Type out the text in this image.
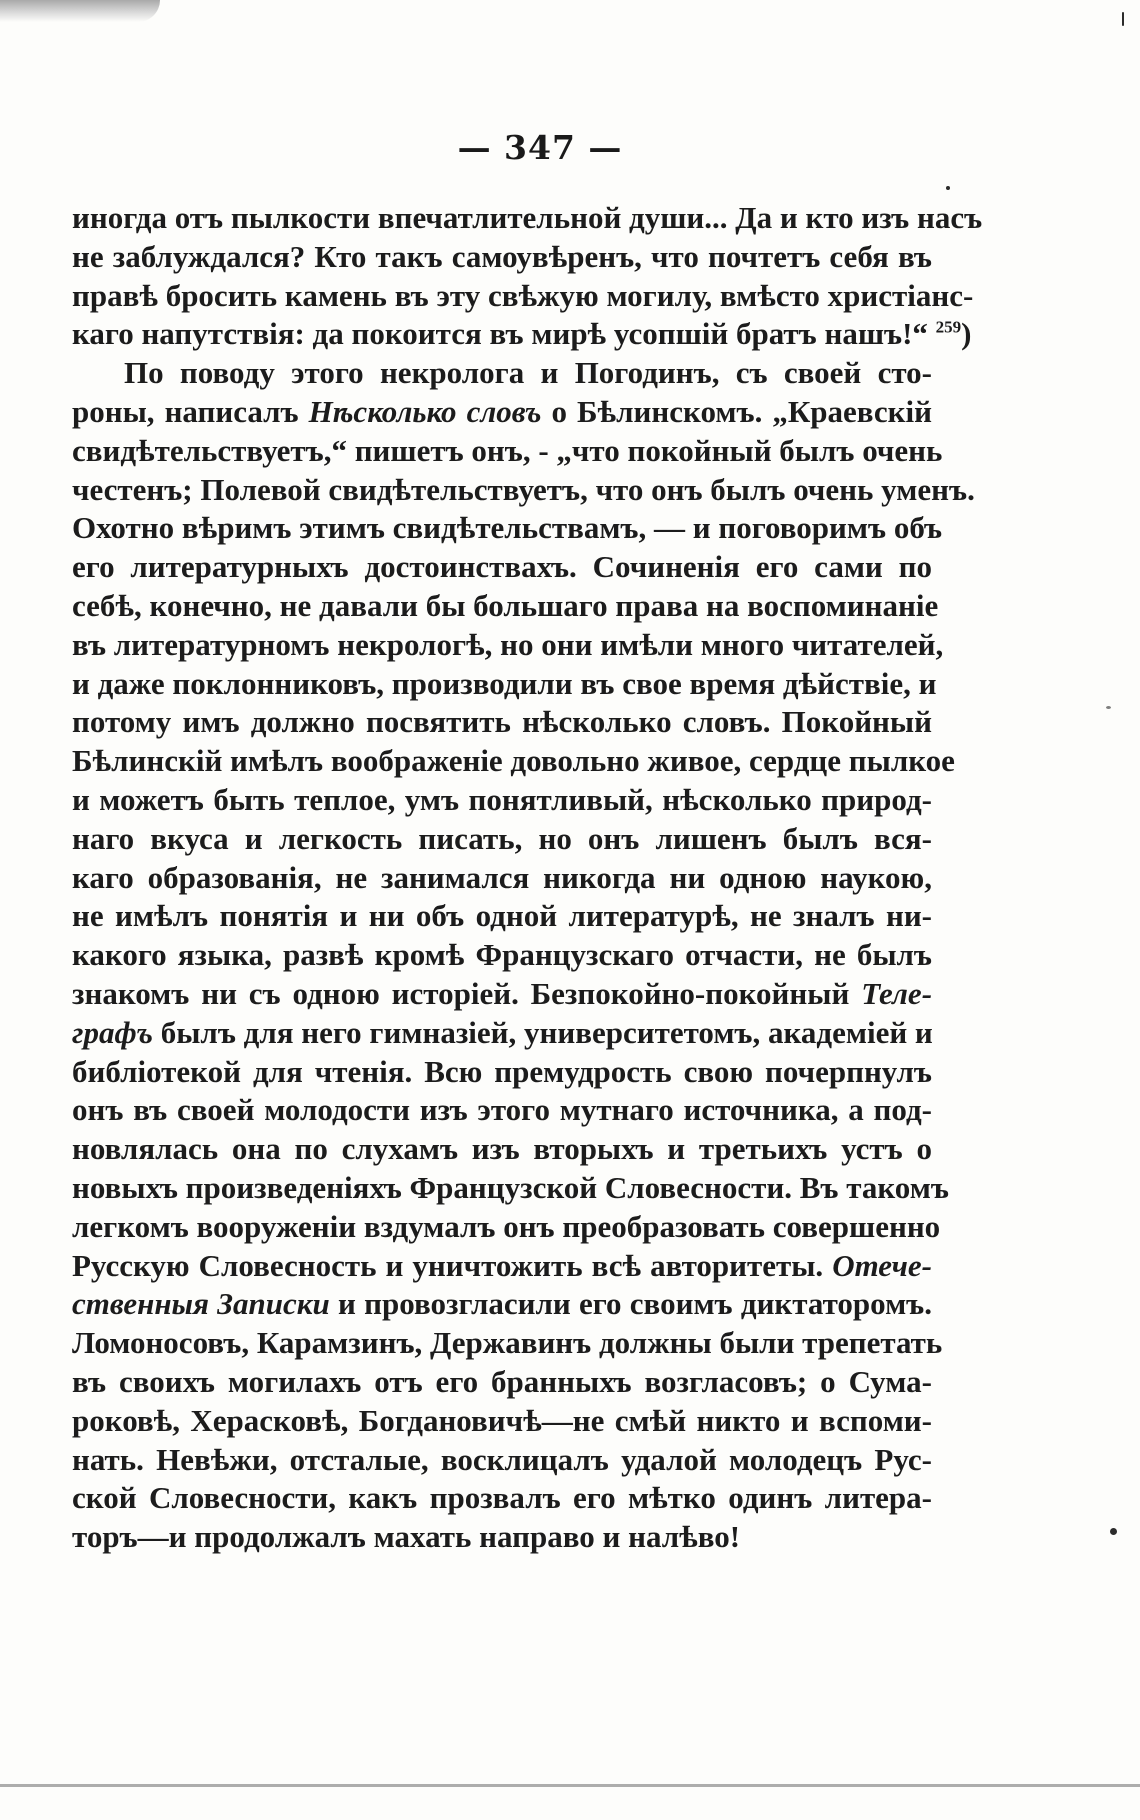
— 347 —
иногда отъ пылкости впечатлительной души... Да и кто изъ насъ
не заблуждался? Кто такъ самоувѣренъ, что почтетъ себя въ
правѣ бросить камень въ эту свѣжую могилу, вмѣсто христіанс-
каго напутствія: да покоится въ мирѣ усопшій братъ нашъ!“ $^{259}$)
По поводу этого некролога и Погодинъ, съ своей сто-
роны, написалъ Нѣсколько словъ о Бѣлинскомъ. „Краевскій
свидѣтельствуетъ,“ пишетъ онъ, - „что покойный былъ очень
честенъ; Полевой свидѣтельствуетъ, что онъ былъ очень уменъ.
Охотно вѣримъ этимъ свидѣтельствамъ, — и поговоримъ объ
его литературныхъ достоинствахъ. Сочиненія его сами по
себѣ, конечно, не давали бы большаго права на воспоминаніе
въ литературномъ некрологѣ, но они имѣли много читателей,
и даже поклонниковъ, производили въ свое время дѣйствіе, и
потому имъ должно посвятить нѣсколько словъ. Покойный
Бѣлинскій имѣлъ воображеніе довольно живое, сердце пылкое
и можетъ быть теплое, умъ понятливый, нѣсколько природ-
наго вкуса и легкость писать, но онъ лишенъ былъ вся-
каго образованія, не занимался никогда ни одною наукою,
не имѣлъ понятія и ни объ одной литературѣ, не зналъ ни-
какого языка, развѣ кромѣ Французскаго отчасти, не былъ
знакомъ ни съ одною исторіей. Безпокойно-покойный Теле-
графъ былъ для него гимназіей, университетомъ, академіей и
библіотекой для чтенія. Всю премудрость свою почерпнулъ
онъ въ своей молодости изъ этого мутнаго источника, а под-
новлялась она по слухамъ изъ вторыхъ и третьихъ устъ о
новыхъ произведеніяхъ Французской Словесности. Въ такомъ
легкомъ вооруженіи вздумалъ онъ преобразовать совершенно
Русскую Словесность и уничтожить всѣ авторитеты. Отече-
ственныя Записки и провозгласили его своимъ диктаторомъ.
Ломоносовъ, Карамзинъ, Державинъ должны были трепетать
въ своихъ могилахъ отъ его бранныхъ возгласовъ; о Сума-
роковѣ, Херасковѣ, Богдановичѣ—не смѣй никто и вспоми-
нать. Невѣжи, отсталые, восклицалъ удалой молодецъ Рус-
ской Словесности, какъ прозвалъ его мѣтко одинъ литера-
торъ—и продолжалъ махать направо и налѣво!
